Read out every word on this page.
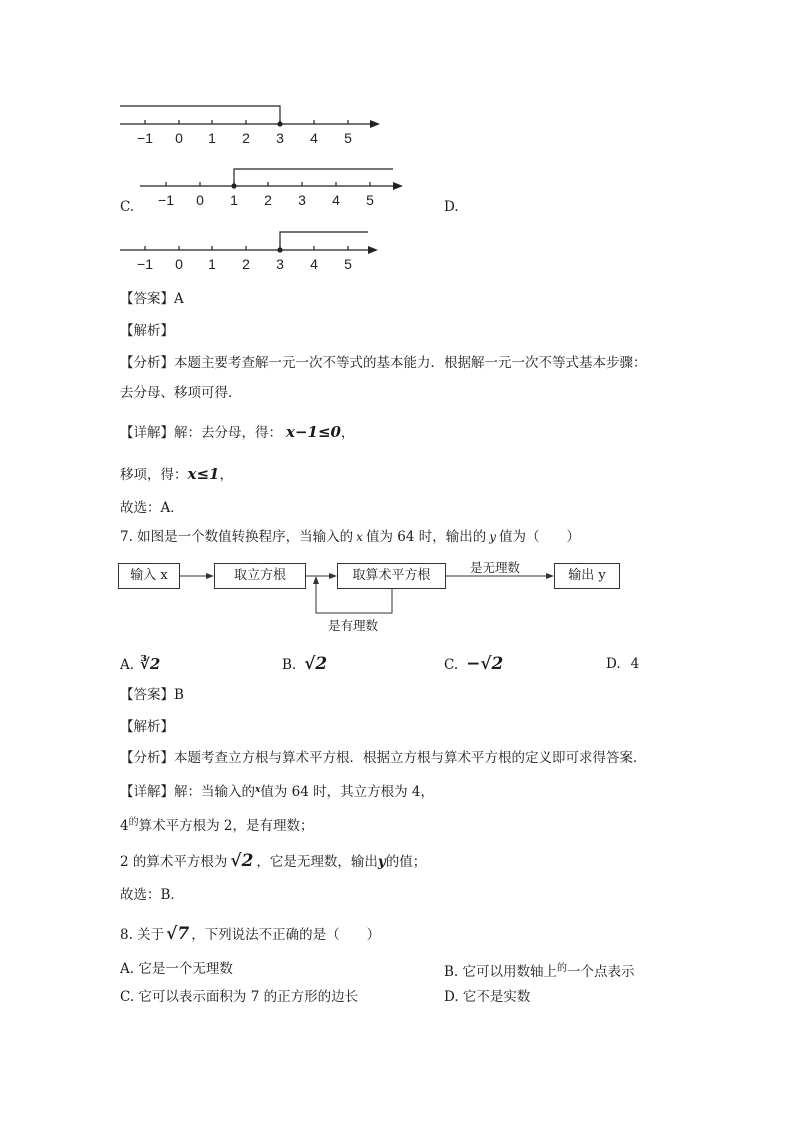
−1 0 1 2 3 4 5
C. −1 0 1 2 3 4 5	D.
−1 0 1 2 3 4 5
【答案】A
【解析】
【分析】本题主要考查解一元一次不等式的基本能力．根据解一元一次不等式基本步骤：
去分母、移项可得．
【详解】解：去分母，得： x−1≤0，
移项，得：x≤1，
故选：A．
7. 如图是一个数值转换程序，当输入的 x 值为 64 时，输出的 y 值为（　　）
输入 x	取立方根	取算术平方根
是无理数
输出 y
是有理数
A. ∛2	B. √2	C. −√2	D. 4
【答案】B
【解析】
【分析】本题考查立方根与算术平方根．根据立方根与算术平方根的定义即可求得答案．
【详解】解：当输入的$^x$值为 64 时，其立方根为 4，
$4^的$算术平方根为 2，是有理数；
2 的算术平方根为 √2 ，它是无理数，输出y的值；
故选：B．
8. 关于 √7 ，下列说法不正确的是（　　）
A. 它是一个无理数	B. 它可以用数轴上$^的$一个点表示
C. 它可以表示面积为 7 的正方形的边长	D. 它不是实数
